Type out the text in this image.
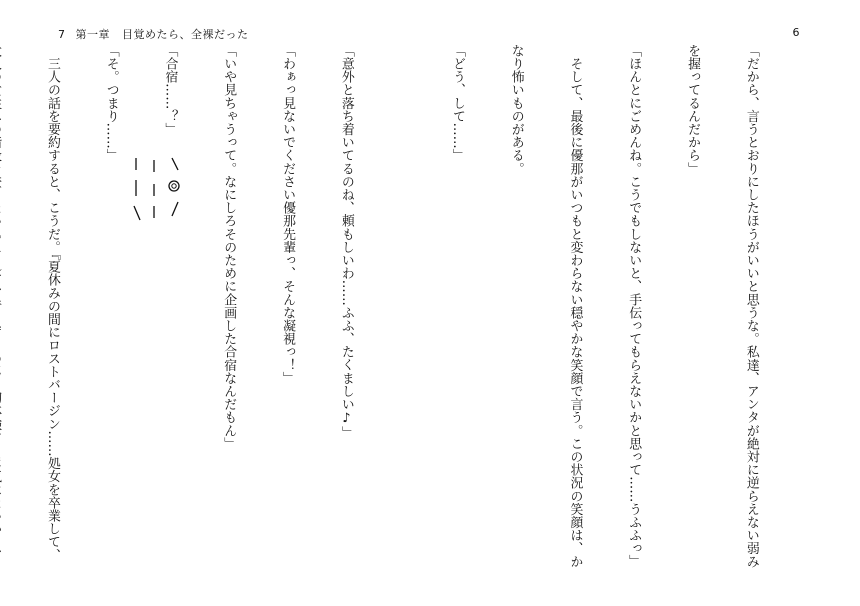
7 第一章 目覚めたら、全裸だった

「意外と落ち着いてるのね、頼もしいわ……ふふ、たくましい♪」

「わぁっ見ないでください優那先輩っ、そんな凝視っ！」

「いや見ちゃうって。なにしろそのために企画した合宿なんだもん」

「合宿……？」

「そ。つまり……」

　三人の話を要約すると、こうだ。『夏休みの間にロストバージン……処女を卒業して、

6

「だから、言うとおりにしたほうがいいと思うな。私達、アンタが絶対に逆らえない弱み

を握ってるんだから」

「ほんとにごめんね。こうでもしないと、手伝ってもらえないかと思って……うふふっ」

　そして、最後に優那がいつもと変わらない穏やかな笑顔で言う。この状況の笑顔は、か

なり怖いものがある。

「どう、して……」
